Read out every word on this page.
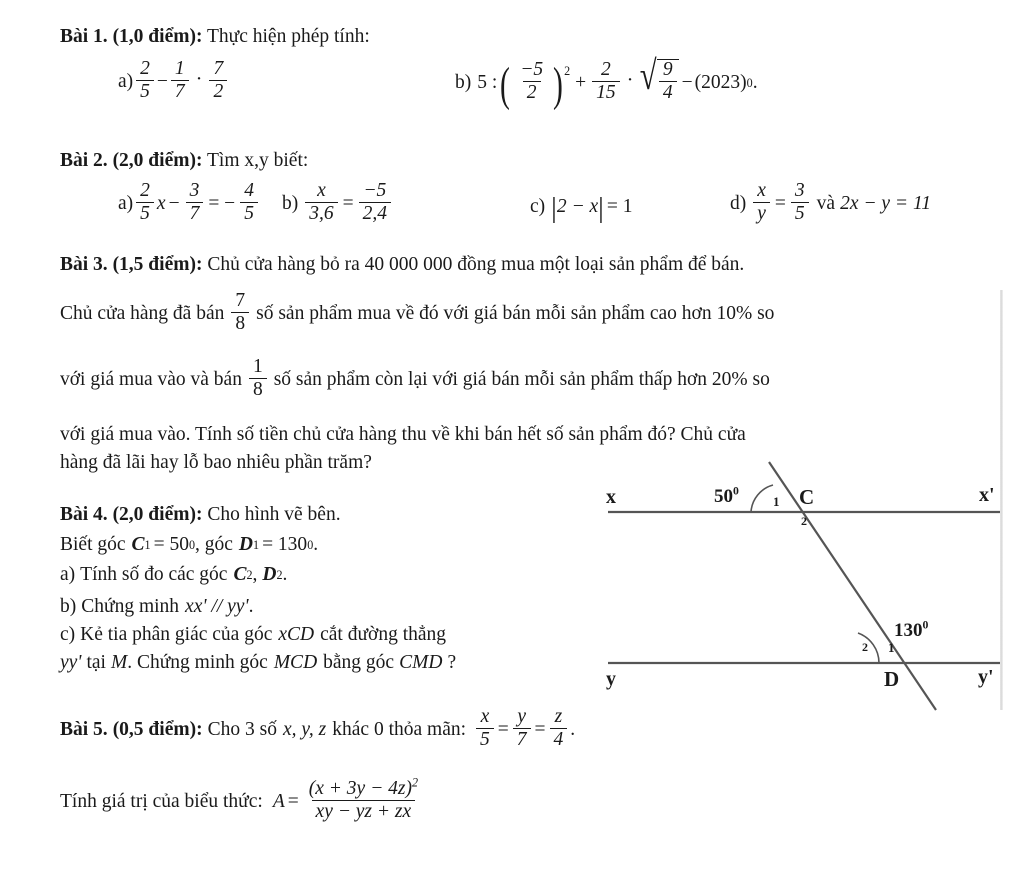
Bài 1. (1,0 điểm): Thực hiện phép tính:
$a) \frac{2}{5} - \frac{1}{7} \cdot \frac{7}{2}$	b) 5 : ( $\frac{-5}{2}$ ) 2
+ $\frac{2}{15}$ · √ $\frac{9}{4} - (2023)$ 0 .
Bài 2. (2,0 điểm): Tìm x,y biết:
$a) \frac{2}{5}$ $x - \frac{3}{7}$ = − $\frac{4}{5} b) \frac{x}{3,6} = \frac{-5}{2,4}$	c) | 2 − x | = 1	$d) \frac{x}{y} = \frac{3}{5}$ và 2x − y = 11
Bài 3. (1,5 điểm): Chủ cửa hàng bỏ ra 40 000 000 đồng mua một loại sản phẩm để bán.
Chủ cửa hàng đã bán $\frac{7}{8}$ số sản phẩm mua về đó với giá bán mỗi sản phẩm cao hơn 10% so
với giá mua vào và bán $\frac{1}{8}$ số sản phẩm còn lại với giá bán mỗi sản phẩm thấp hơn 20% so
với giá mua vào. Tính số tiền chủ cửa hàng thu về khi bán hết số sản phẩm đó? Chủ cửa
hàng đã lãi hay lỗ bao nhiêu phần trăm?
Bài 4. (2,0 điểm): Cho hình vẽ bên.
Biết góc C 1 = 50 0 , góc D 1 = 130 0 .
a) Tính số đo các góc C 2 , D 2 .
b) Chứng minh xx' // yy' .
c) Kẻ tia phân giác của góc xCD cắt đường thẳng
yy' tại M . Chứng minh góc MCD bằng góc CMD ?
x	x'
y	y'
C
D
$50^0$
$130^0$
1
2
1
2
Bài 5. (0,5 điểm): Cho 3 số x, y, z khác 0 thỏa mãn: $\frac{x}{5} = \frac{y}{7} = \frac{z}{4}$ .
Tính giá trị của biểu thức: $A = \frac{(x + 3y - 4z)^2}{xy - yz + zx}$
